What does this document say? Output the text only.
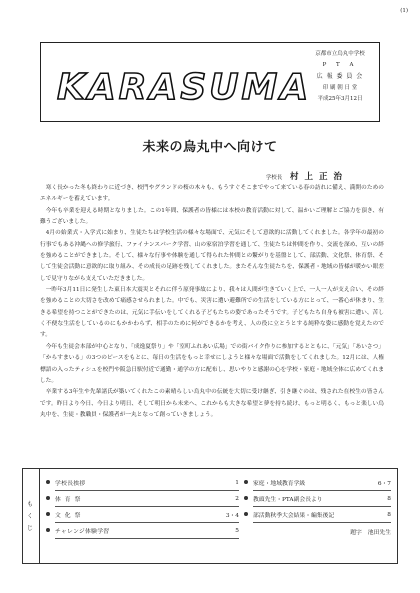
(1)
KARASUMA
京都市立烏丸中学校
P T A
広 報 委 員 会
印 刷 朝 日 堂
平成25年3月12日
未来の烏丸中へ向けて
学校長 村上正治

寒く長かった冬も終わりに近づき、校門やグランドの桜の木々も、もうすぐそこまでやって来ている春の訪れに備え、満開のためのエネルギーを蓄えています。

今年も卒業を迎える時期となりました。この1年間、保護者の皆様には本校の教育活動に対して、温かいご理解とご協力を頂き、有難うございました。

4月の始業式・入学式に始まり、生徒たちは学校生活の様々な場面で、元気にそして意欲的に活動してくれました。各学年の最初の行事でもある沖縄への修学旅行、ファイナンスパーク学習、山の家宿泊学習を通して、生徒たちは仲間を作り、交流を深め、互いの絆を強めることができました。そして、様々な行事や体験を通して得られた仲間との繋がりを基盤として、部活動、文化祭、体育祭、そして生徒会活動に意欲的に取り組み、その成長の足跡を残してくれました。またそんな生徒たちを、保護者・地域の皆様が暖かい眼差しで見守りながら支えていただきました。

一昨年3月11日に発生した東日本大震災とそれに伴う原発事故により、我々は人間が生きていく上で、一人一人が支え合い、その絆を強めることの大切さを改めて痛感させられました。中でも、災害に遭い避難所での生活をしている方にとって、一番心が休まり、生きる希望を持つことができたのは、元気に手伝いをしてくれる子どもたちの姿であったそうです。子どもたち自身も被害に遭い、苦しく不便な生活をしているのにもかかわらず、相手のために何ができるかを考え、人の役に立とうとする純粋な姿に感動を覚えたのです。

今年も生徒会本部が中心となり、「成逸夏祭り」や「室町ふれあい広場」での街バイク作りに参加するとともに、「元気」「あいさつ」「からすまいる」の3つのピースをもとに、毎日の生活をもっと幸せにしようと様々な場面で活動をしてくれました。12月には、人権標語の入ったティシュを校門や阪急日駅付近で通勤・通学の方に配布し、思いやりと感謝の心を学校・家庭・地域全体に広めてくれました。

卒業する3年生や先輩諸氏が築いてくれたこの素晴らしい烏丸中の伝統を大切に受け継ぎ、引き継ぐのは、残された在校生の皆さんです。昨日より今日、今日より明日、そして明日から未来へ、これからも大きな希望と夢を持ち続け、もっと明るく、もっと楽しい烏丸中を、生徒・教職員・保護者が一丸となって創っていきましょう。

も
く
じ
学校長挨拶	1
体育祭	2
文化祭	3・4
チャレンジ体験学習	5
家庭・地域教育学級	6・7
教頭先生・PTA副会長より	8
部活動秋季大会結果・編集後記	8
題字 池田先生
